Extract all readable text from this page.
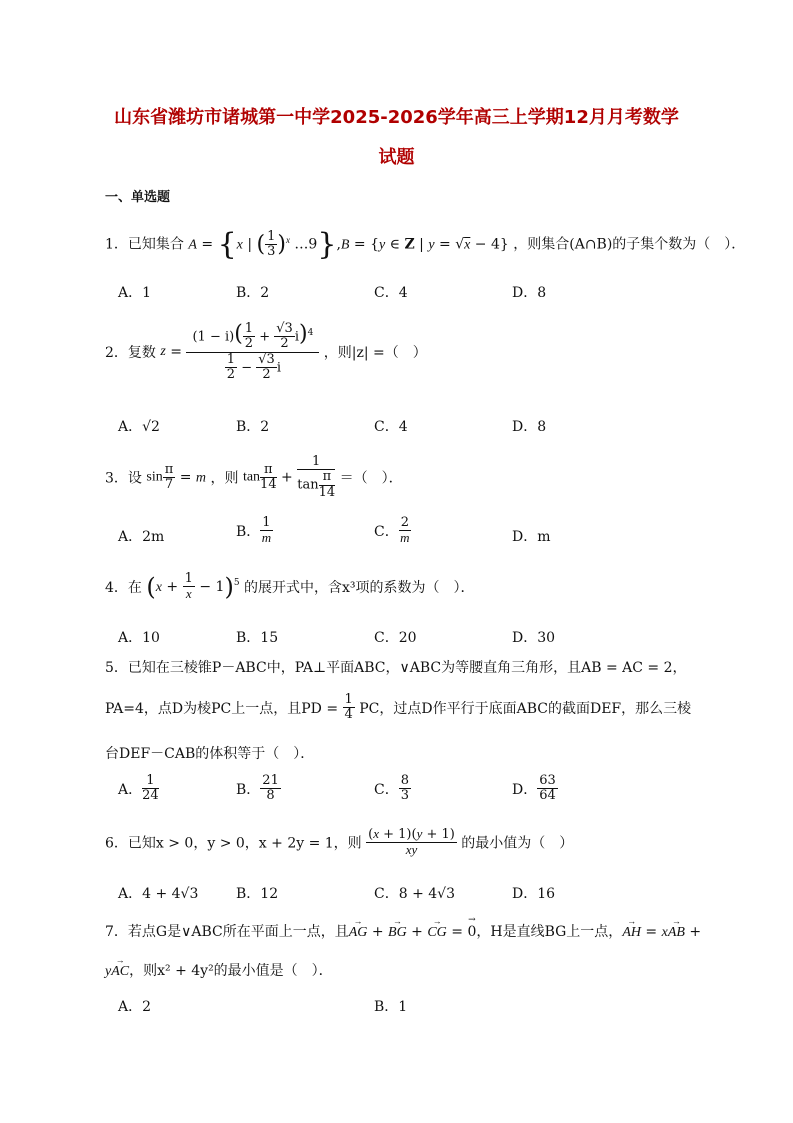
山东省潍坊市诸城第一中学2025-2026学年高三上学期12月月考数学
试题
一、单选题
1．已知集合 A = {x | ( $\frac{1}{3} )^x$ …9},B = {y ∈ Z | y = √x − 4} ，则集合(A∩B)的子集个数为（　）．
A．1	B．2	C．4	D．8
2．复数 $z = \frac{(1 - i)( \frac{1}{2} + \frac{√3}{2} i)^4}{\frac{1}{2} - \frac{√3}{2} i}$ ，则|z| =（　）
A．√2	B．2	C．4	D．8
3．设 $\sin \frac{\pi}{7} = m$ ，则 $\tan \frac{\pi}{14} + \frac{1}{\tan \frac{\pi}{14}}$ ＝（　）．
A．2m	B． $\frac{1}{m}$	C． $\frac{2}{m}$	D．m
4．在 $(x + \frac{1}{x} - 1)^5$ 的展开式中，含x³项的系数为（　）．
A．10	B．15	C．20	D．30
5．已知在三棱锥P－ABC中，PA⊥平面ABC，∨ABC为等腰直角三角形，且AB = AC = 2，
PA=4，点D为棱PC上一点，且PD = $\frac{1}{4}$ PC，过点D作平行于底面ABC的截面DEF，那么三棱
台DEF－CAB的体积等于（　）．
A． $\frac{1}{24}$	B． $\frac{21}{8}$	C． $\frac{8}{3}$	D． $\frac{63}{64}$
6．已知x > 0，y > 0，x + 2y = 1，则 $\frac{(x + 1)(y + 1)}{xy}$ 的最小值为（　）
A．4 + 4√3	B．12	C．8 + 4√3	D．16
7．若点G是∨ABC所在平面上一点，且→ AG + → BG + → CG = → 0，H是直线BG上一点，→ AH = x→ AB +
y→ AC，则x² + 4y²的最小值是（　）．
A．2	B．1
